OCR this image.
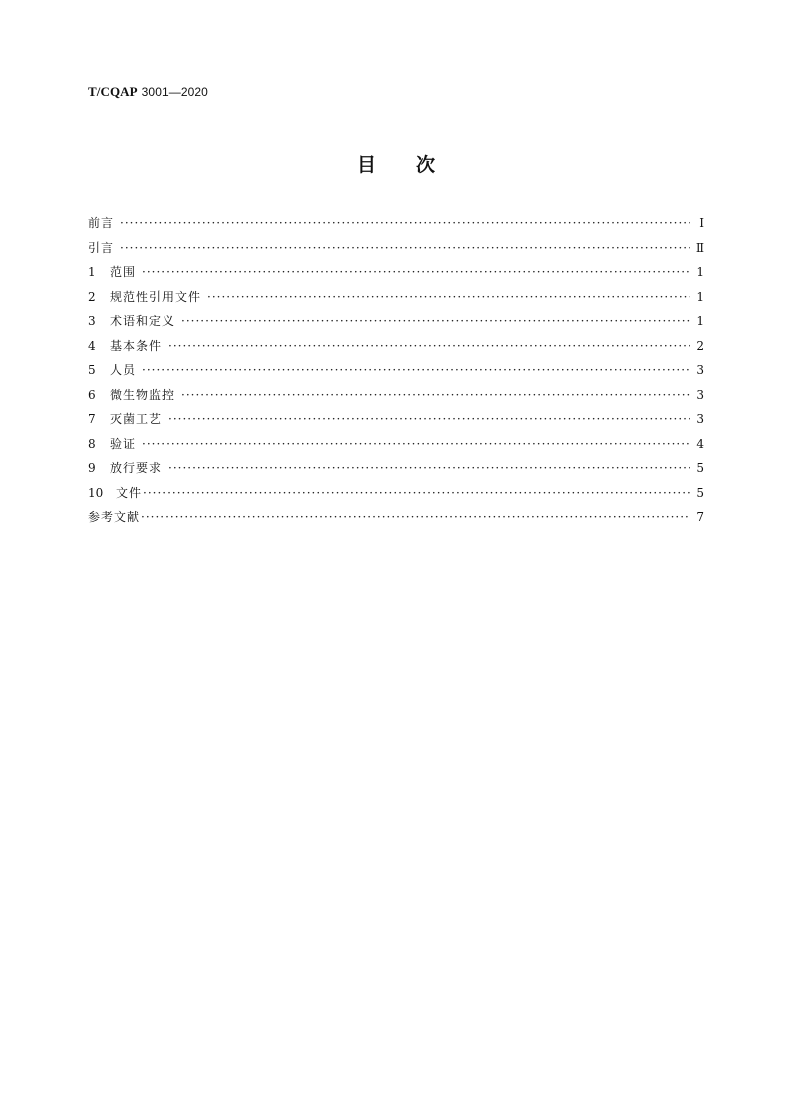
T/CQAP 3001—2020
目次
前言 ·····	Ⅰ
引言 ·····	Ⅱ
1	范围 ·····	1
2	规范性引用文件 ·····	1
3	术语和定义 ·····	1
4	基本条件 ·····	2
5	人员 ·····	3
6	微生物监控 ·····	3
7	灭菌工艺 ·····	3
8	验证 ·····	4
9	放行要求 ·····	5
10	文件 ·····	5
参考文献 ·····	7
